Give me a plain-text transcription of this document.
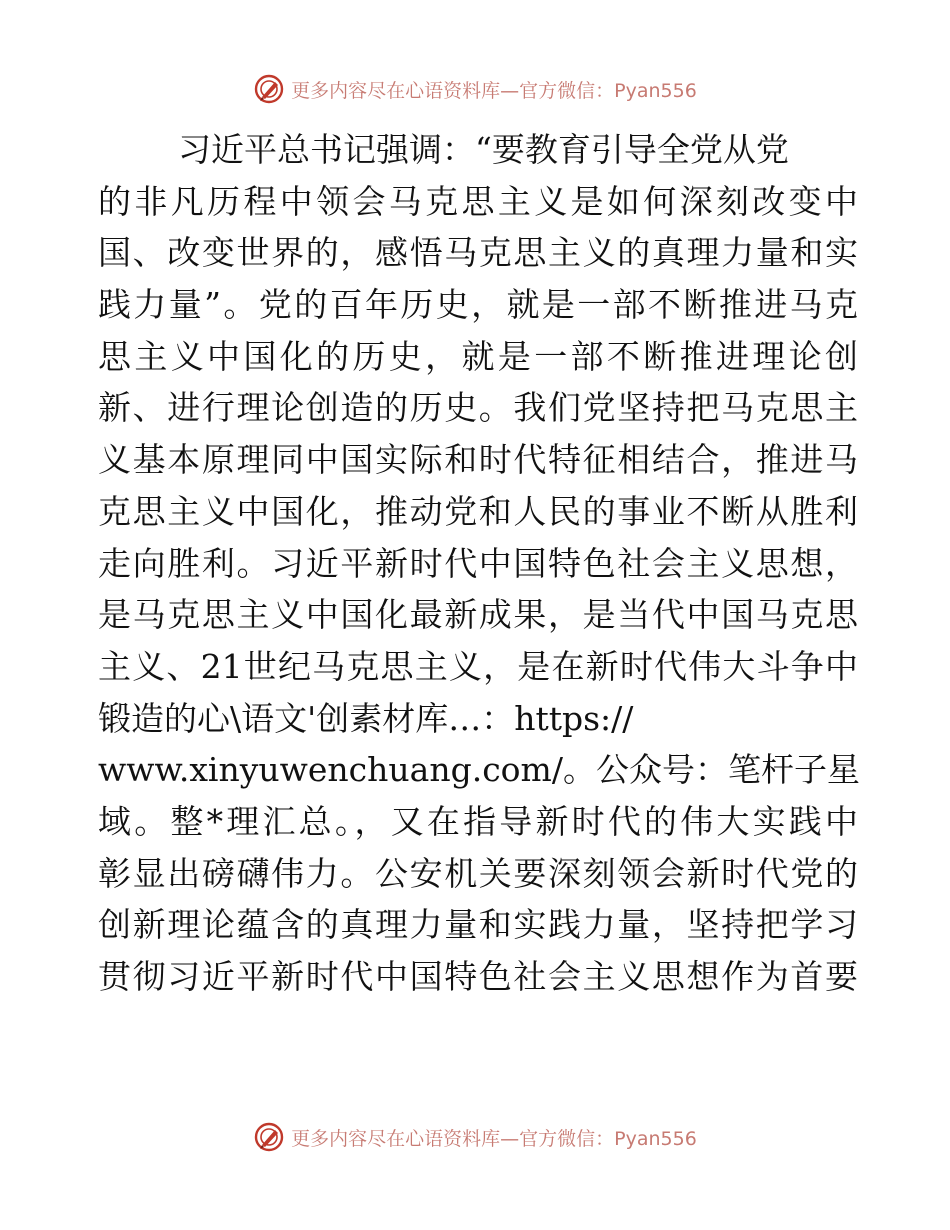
更多内容尽在心语资料库—官方微信：Pyan556
习近平总书记强调：“要教育引导全党从党
的非凡历程中领会马克思主义是如何深刻改变中
国、改变世界的，感悟马克思主义的真理力量和实
践力量”。党的百年历史，就是一部不断推进马克
思主义中国化的历史，就是一部不断推进理论创
新、进行理论创造的历史。我们党坚持把马克思主
义基本原理同中国实际和时代特征相结合，推进马
克思主义中国化，推动党和人民的事业不断从胜利
走向胜利。习近平新时代中国特色社会主义思想，
是马克思主义中国化最新成果，是当代中国马克思
主义、21世纪马克思主义，是在新时代伟大斗争中
锻造的心\语文'创素材库…：https://
www.xinyuwenchuang.com/。公众号：笔杆子星
域。整*理汇总。，又在指导新时代的伟大实践中
彰显出磅礴伟力。公安机关要深刻领会新时代党的
创新理论蕴含的真理力量和实践力量，坚持把学习
贯彻习近平新时代中国特色社会主义思想作为首要
更多内容尽在心语资料库—官方微信：Pyan556
